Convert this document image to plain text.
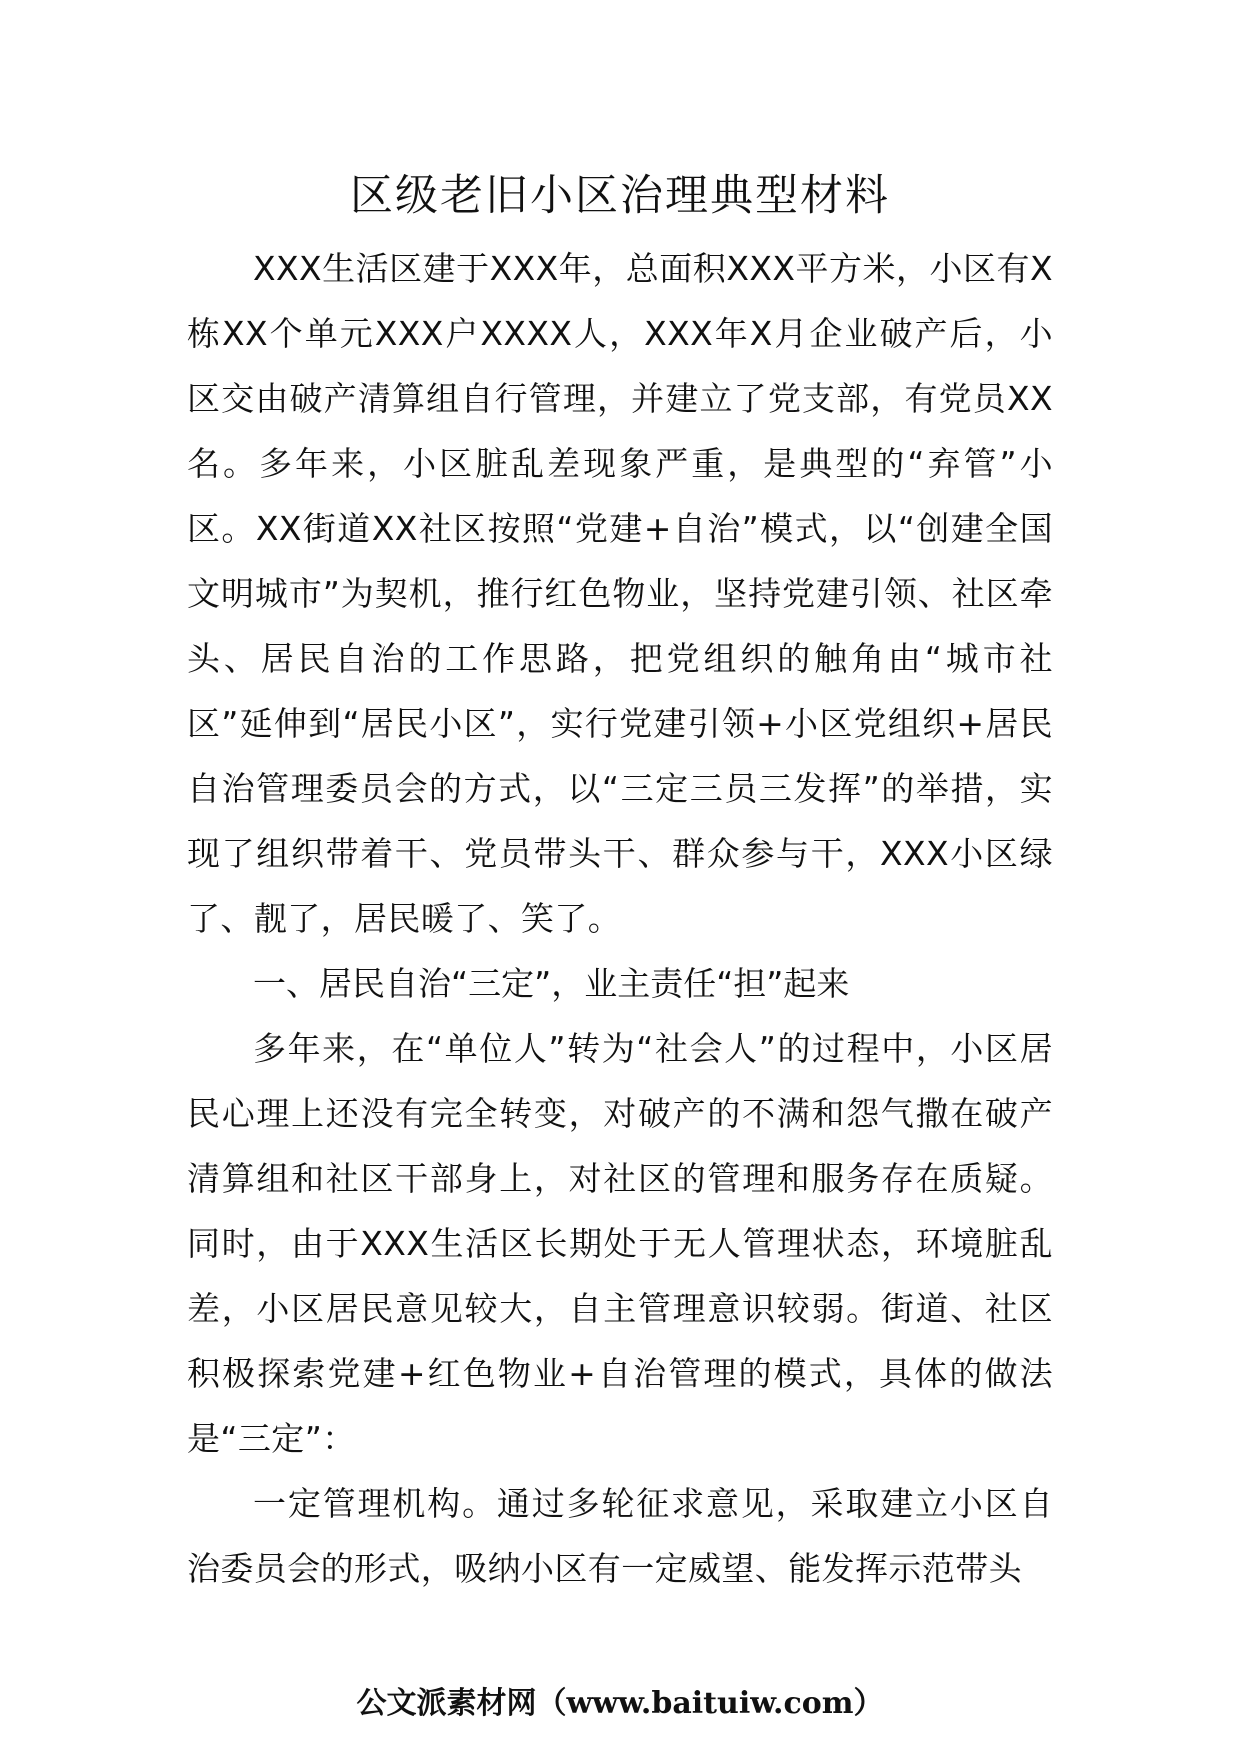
区级老旧小区治理典型材料

XXX生活区建于XXX年，总面积XXX平方米，小区有X栋XX个单元XXX户XXXX人，XXX年X月企业破产后，小区交由破产清算组自行管理，并建立了党支部，有党员XX名。多年来，小区脏乱差现象严重，是典型的“弃管”小区。XX街道XX社区按照“党建+自治”模式，以“创建全国文明城市”为契机，推行红色物业，坚持党建引领、社区牵头、居民自治的工作思路，把党组织的触角由“城市社区”延伸到“居民小区”，实行党建引领+小区党组织+居民自治管理委员会的方式，以“三定三员三发挥”的举措，实现了组织带着干、党员带头干、群众参与干，XXX小区绿了、靓了，居民暖了、笑了。

一、居民自治“三定”，业主责任“担”起来

多年来，在“单位人”转为“社会人”的过程中，小区居民心理上还没有完全转变，对破产的不满和怨气撒在破产清算组和社区干部身上，对社区的管理和服务存在质疑。同时，由于XXX生活区长期处于无人管理状态，环境脏乱差，小区居民意见较大，自主管理意识较弱。街道、社区积极探索党建+红色物业+自治管理的模式，具体的做法是“三定”：

一定管理机构。通过多轮征求意见，采取建立小区自治委员会的形式，吸纳小区有一定威望、能发挥示范带头

公文派素材网（www.baituiw.com）
